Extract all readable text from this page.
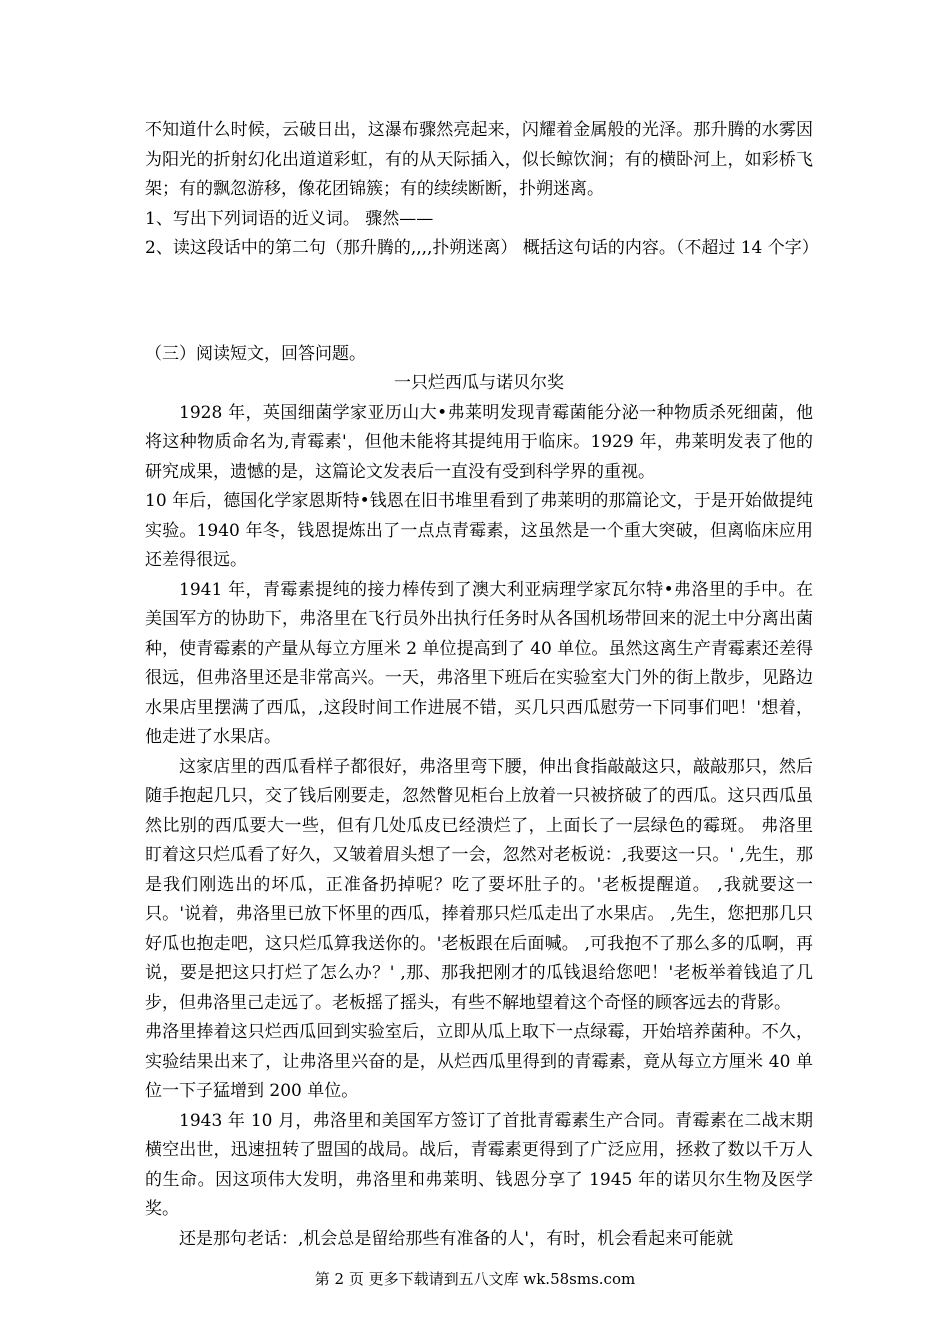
不知道什么时候，云破日出，这瀑布骤然亮起来，闪耀着金属般的光泽。那升腾的水雾因为阳光的折射幻化出道道彩虹，有的从天际插入，似长鲸饮涧；有的横卧河上，如彩桥飞架；有的飘忽游移，像花团锦簇；有的续续断断，扑朔迷离。

1、写出下列词语的近义词。 骤然——

2、读这段话中的第二句（那升腾的,,,,扑朔迷离） 概括这句话的内容。（不超过 14 个字）

（三）阅读短文，回答问题。

一只烂西瓜与诺贝尔奖

1928 年，英国细菌学家亚历山大•弗莱明发现青霉菌能分泌一种物质杀死细菌，他将这种物质命名为,青霉素'，但他未能将其提纯用于临床。1929 年，弗莱明发表了他的研究成果，遗憾的是，这篇论文发表后一直没有受到科学界的重视。

10 年后，德国化学家恩斯特•钱恩在旧书堆里看到了弗莱明的那篇论文，于是开始做提纯实验。1940 年冬，钱恩提炼出了一点点青霉素，这虽然是一个重大突破，但离临床应用还差得很远。

1941 年，青霉素提纯的接力棒传到了澳大利亚病理学家瓦尔特•弗洛里的手中。在美国军方的协助下，弗洛里在飞行员外出执行任务时从各国机场带回来的泥土中分离出菌种，使青霉素的产量从每立方厘米 2 单位提高到了 40 单位。虽然这离生产青霉素还差得很远，但弗洛里还是非常高兴。一天，弗洛里下班后在实验室大门外的街上散步，见路边水果店里摆满了西瓜，,这段时间工作进展不错，买几只西瓜慰劳一下同事们吧！'想着，他走进了水果店。

这家店里的西瓜看样子都很好，弗洛里弯下腰，伸出食指敲敲这只，敲敲那只，然后随手抱起几只，交了钱后刚要走，忽然瞥见柜台上放着一只被挤破了的西瓜。这只西瓜虽然比别的西瓜要大一些，但有几处瓜皮已经溃烂了，上面长了一层绿色的霉斑。 弗洛里盯着这只烂瓜看了好久，又皱着眉头想了一会，忽然对老板说：,我要这一只。' ,先生，那是我们刚选出的坏瓜，正准备扔掉呢？吃了要坏肚子的。'老板提醒道。 ,我就要这一只。'说着，弗洛里已放下怀里的西瓜，捧着那只烂瓜走出了水果店。 ,先生，您把那几只好瓜也抱走吧，这只烂瓜算我送你的。'老板跟在后面喊。 ,可我抱不了那么多的瓜啊，再说，要是把这只打烂了怎么办？' ,那、那我把刚才的瓜钱退给您吧！'老板举着钱追了几步，但弗洛里己走远了。老板摇了摇头，有些不解地望着这个奇怪的顾客远去的背影。

弗洛里捧着这只烂西瓜回到实验室后，立即从瓜上取下一点绿霉，开始培养菌种。不久，实验结果出来了，让弗洛里兴奋的是，从烂西瓜里得到的青霉素，竟从每立方厘米 40 单位一下子猛增到 200 单位。

1943 年 10 月，弗洛里和美国军方签订了首批青霉素生产合同。青霉素在二战末期横空出世，迅速扭转了盟国的战局。战后，青霉素更得到了广泛应用，拯救了数以千万人的生命。因这项伟大发明，弗洛里和弗莱明、钱恩分享了 1945 年的诺贝尔生物及医学奖。

还是那句老话：,机会总是留给那些有准备的人'，有时，机会看起来可能就

第 2 页 更多下载请到五八文库 wk.58sms.com
